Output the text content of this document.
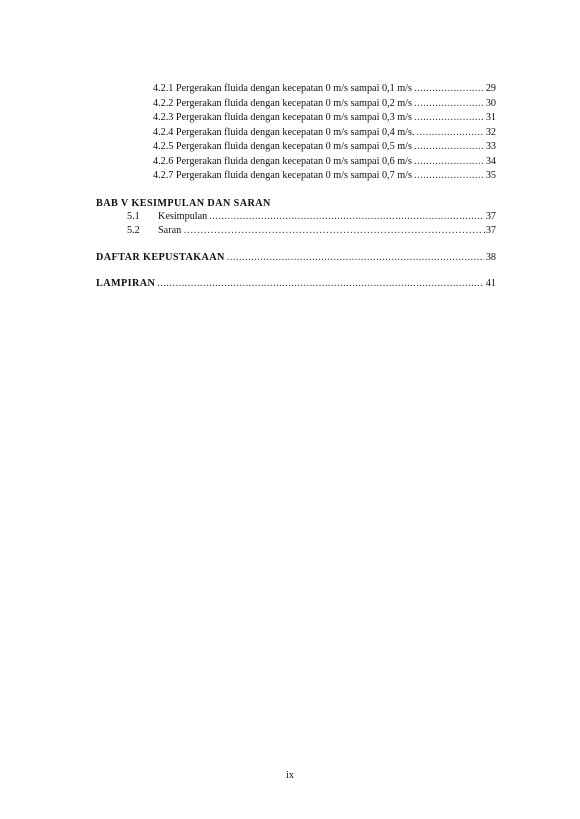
4.2.1 Pergerakan fluida dengan kecepatan 0 m/s sampai 0,1 m/s .....	29
4.2.2 Pergerakan fluida dengan kecepatan 0 m/s sampai 0,2 m/s .....	30
4.2.3 Pergerakan fluida dengan kecepatan 0 m/s sampai 0,3 m/s .....	31
4.2.4 Pergerakan fluida dengan kecepatan 0 m/s sampai 0,4 m/s. .....	32
4.2.5 Pergerakan fluida dengan kecepatan 0 m/s sampai 0,5 m/s .....	33
4.2.6 Pergerakan fluida dengan kecepatan 0 m/s sampai 0,6 m/s .....	34
4.2.7 Pergerakan fluida dengan kecepatan 0 m/s sampai 0,7 m/s .....	35
BAB V KESIMPULAN DAN SARAN
5.1 Kesimpulan .....	37
5.2 Saran …………………………………………………………………………………………………………	.37
DAFTAR KEPUSTAKAAN .....	38
LAMPIRAN .....	41
ix
